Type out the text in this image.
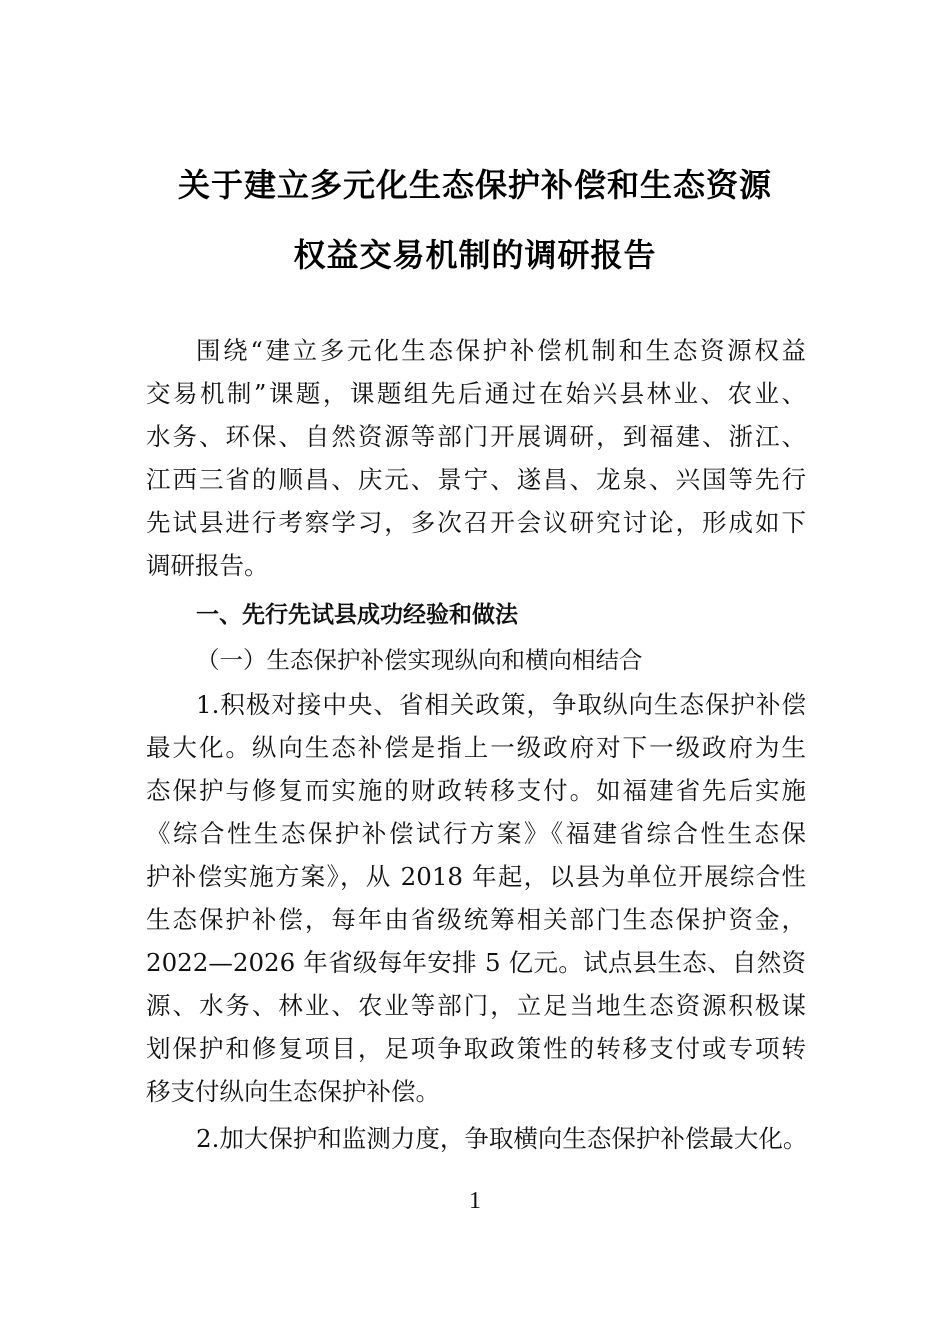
关于建立多元化生态保护补偿和生态资源
权益交易机制的调研报告
围绕“建立多元化生态保护补偿机制和生态资源权益
交易机制”课题，课题组先后通过在始兴县林业、农业、
水务、环保、自然资源等部门开展调研，到福建、浙江、
江西三省的顺昌、庆元、景宁、遂昌、龙泉、兴国等先行
先试县进行考察学习，多次召开会议研究讨论，形成如下
调研报告。
一、先行先试县成功经验和做法
（一）生态保护补偿实现纵向和横向相结合
1.积极对接中央、省相关政策，争取纵向生态保护补偿
最大化。纵向生态补偿是指上一级政府对下一级政府为生
态保护与修复而实施的财政转移支付。如福建省先后实施
《综合性生态保护补偿试行方案》《福建省综合性生态保
护补偿实施方案》，从 2018 年起，以县为单位开展综合性
生态保护补偿，每年由省级统筹相关部门生态保护资金，
2022—2026 年省级每年安排 5 亿元。试点县生态、自然资
源、水务、林业、农业等部门，立足当地生态资源积极谋
划保护和修复项目，足项争取政策性的转移支付或专项转
移支付纵向生态保护补偿。
2.加大保护和监测力度，争取横向生态保护补偿最大化。
1
